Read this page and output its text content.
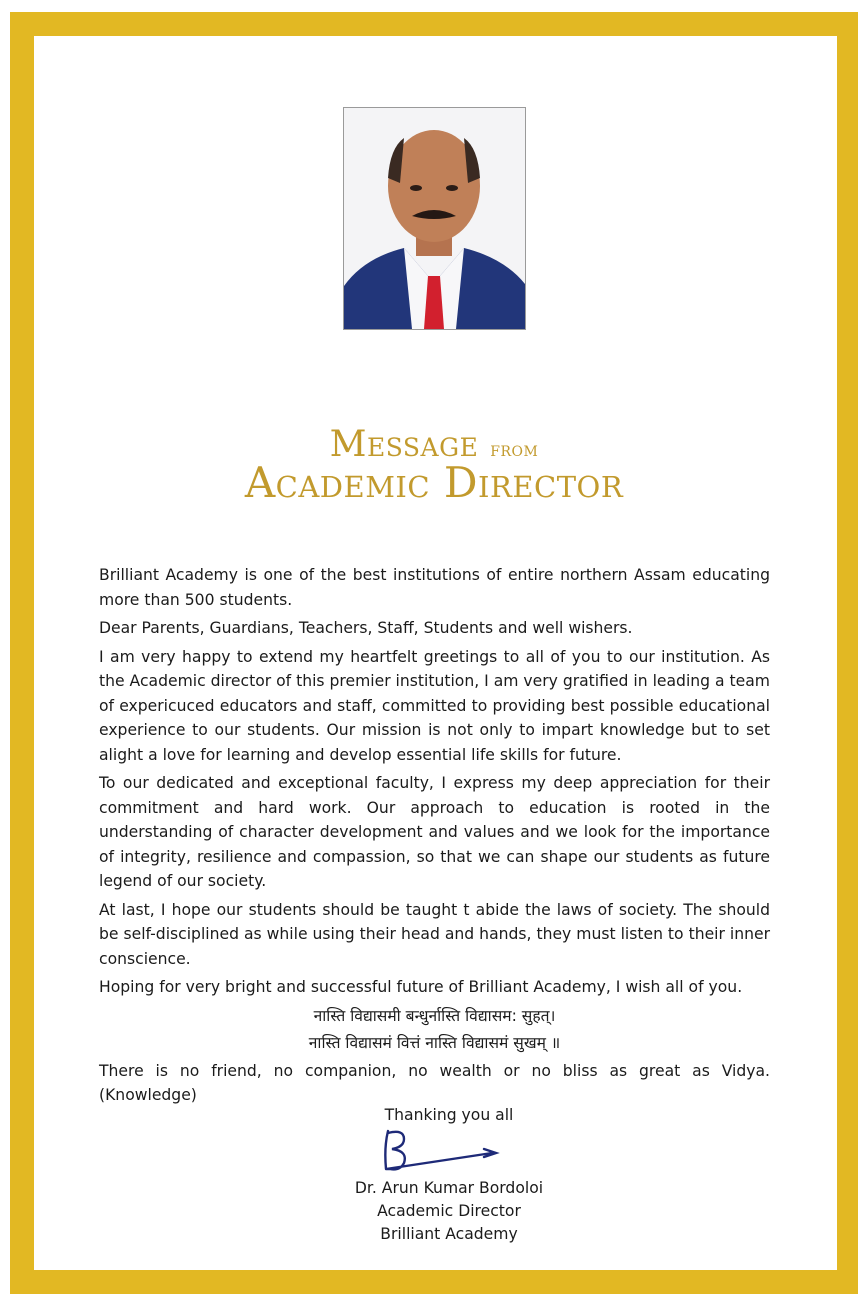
Message from
Academic Director

Brilliant Academy is one of the best institutions of entire northern Assam educating more than 500 students.

Dear Parents, Guardians, Teachers, Staff, Students and well wishers.

I am very happy to extend my heartfelt greetings to all of you to our institution. As the Academic director of this premier institution, I am very gratified in leading a team of expericuced educators and staff, committed to providing best possible educational experience to our students. Our mission is not only to impart knowledge but to set alight a love for learning and develop essential life skills for future.

To our dedicated and exceptional faculty, I express my deep appreciation for their commitment and hard work. Our approach to education is rooted in the understanding of character development and values and we look for the importance of integrity, resilience and compassion, so that we can shape our students as future legend of our society.

At last, I hope our students should be taught t abide the laws of society. The should be self-disciplined as while using their head and hands, they must listen to their inner conscience.

Hoping for very bright and successful future of Brilliant Academy, I wish all of you.

नास्ति विद्यासमी बन्धुर्नास्ति विद्यासम: सुहत्।

नास्ति विद्यासमं वित्तं नास्ति विद्यासमं सुखम् ॥

There is no friend, no companion, no wealth or no bliss as great as Vidya. (Knowledge)

Thanking you all
Dr. Arun Kumar Bordoloi
Academic Director
Brilliant Academy
